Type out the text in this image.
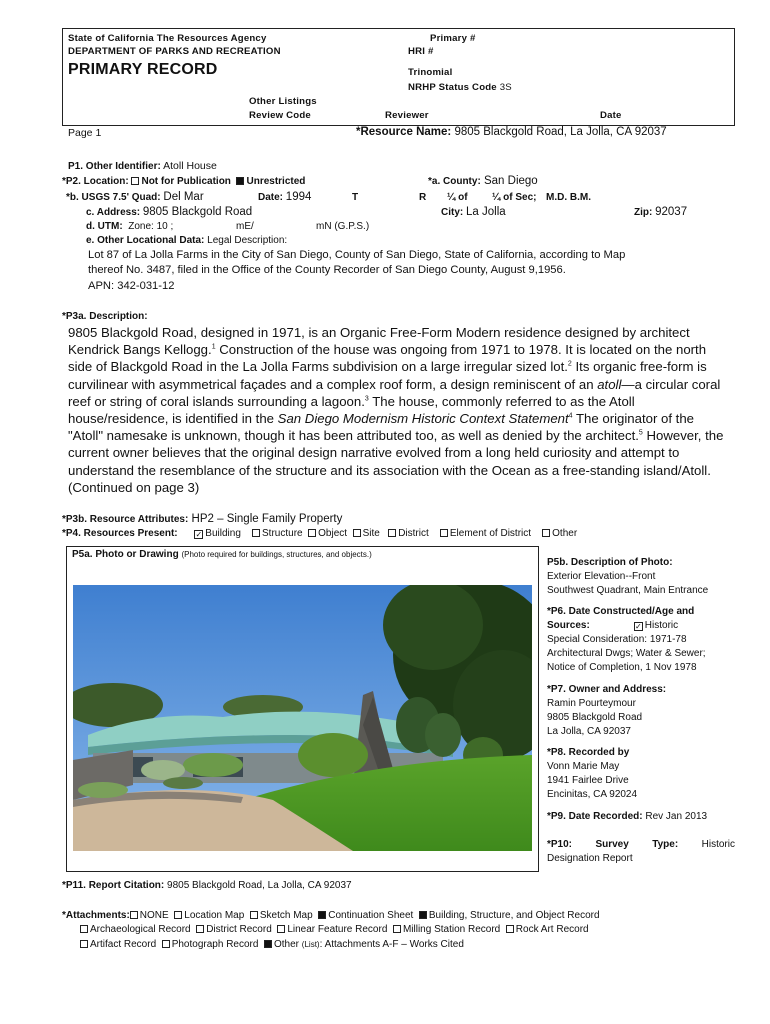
State of California The Resources Agency
DEPARTMENT OF PARKS AND RECREATION
PRIMARY RECORD
Primary #
HRI #
Trinomial
NRHP Status Code 3S
Other Listings
Review Code	Reviewer	Date
Page 1	*Resource Name: 9805 Blackgold Road, La Jolla, CA 92037
P1. Other Identifier: Atoll House
*P2. Location: Not for Publication Unrestricted	*a. County: San Diego
*b. USGS 7.5' Quad: Del Mar	Date: 1994	T	R ¼ of ¼ of Sec; M.D. B.M.
c. Address: 9805 Blackgold Road	City: La Jolla	Zip: 92037
d. UTM: Zone: 10 ;	mE/	mN (G.P.S.)
e. Other Locational Data: Legal Description:
Lot 87 of La Jolla Farms in the City of San Diego, County of San Diego, State of California, according to Map
thereof No. 3487, filed in the Office of the County Recorder of San Diego County, August 9,1956.
APN: 342-031-12
*P3a. Description:
9805 Blackgold Road, designed in 1971, is an Organic Free-Form Modern residence designed by architect Kendrick Bangs Kellogg.$^1$ Construction of the house was ongoing from 1971 to 1978. It is located on the north side of Blackgold Road in the La Jolla Farms subdivision on a large irregular sized lot.$^2$ Its organic free-form is curvilinear with asymmetrical façades and a complex roof form, a design reminiscent of an atoll—a circular coral reef or string of coral islands surrounding a lagoon.$^3$ The house, commonly referred to as the Atoll house/residence, is identified in the San Diego Modernism Historic Context Statement$^4$ The originator of the "Atoll" namesake is unknown, though it has been attributed too, as well as denied by the architect.$^5$ However, the current owner believes that the original design narrative evolved from a long held curiosity and attempt to understand the resemblance of the structure and its association with the Ocean as a free-standing island/Atoll. (Continued on page 3)
*P3b. Resource Attributes: HP2 – Single Family Property
*P4. Resources Present: ✓ Building Structure Object Site District Element of District Other
P5a. Photo or Drawing (Photo required for buildings, structures, and objects.)
P5b. Description of Photo:
Exterior Elevation--Front
Southwest Quadrant, Main Entrance
*P6. Date Constructed/Age and
Sources:	✓ Historic
Special Consideration: 1971-78
Architectural Dwgs; Water & Sewer;
Notice of Completion, 1 Nov 1978
*P7. Owner and Address:
Ramin Pourteymour
9805 Blackgold Road
La Jolla, CA 92037
*P8. Recorded by
Vonn Marie May
1941 Fairlee Drive
Encinitas, CA 92024
*P9. Date Recorded: Rev Jan 2013
*P10: Survey Type: Historic
Designation Report
*P11. Report Citation: 9805 Blackgold Road, La Jolla, CA 92037
*Attachments: NONE Location Map Sketch Map Continuation Sheet Building, Structure, and Object Record
Archaeological Record District Record Linear Feature Record Milling Station Record Rock Art Record
Artifact Record Photograph Record Other (List): Attachments A-F – Works Cited
